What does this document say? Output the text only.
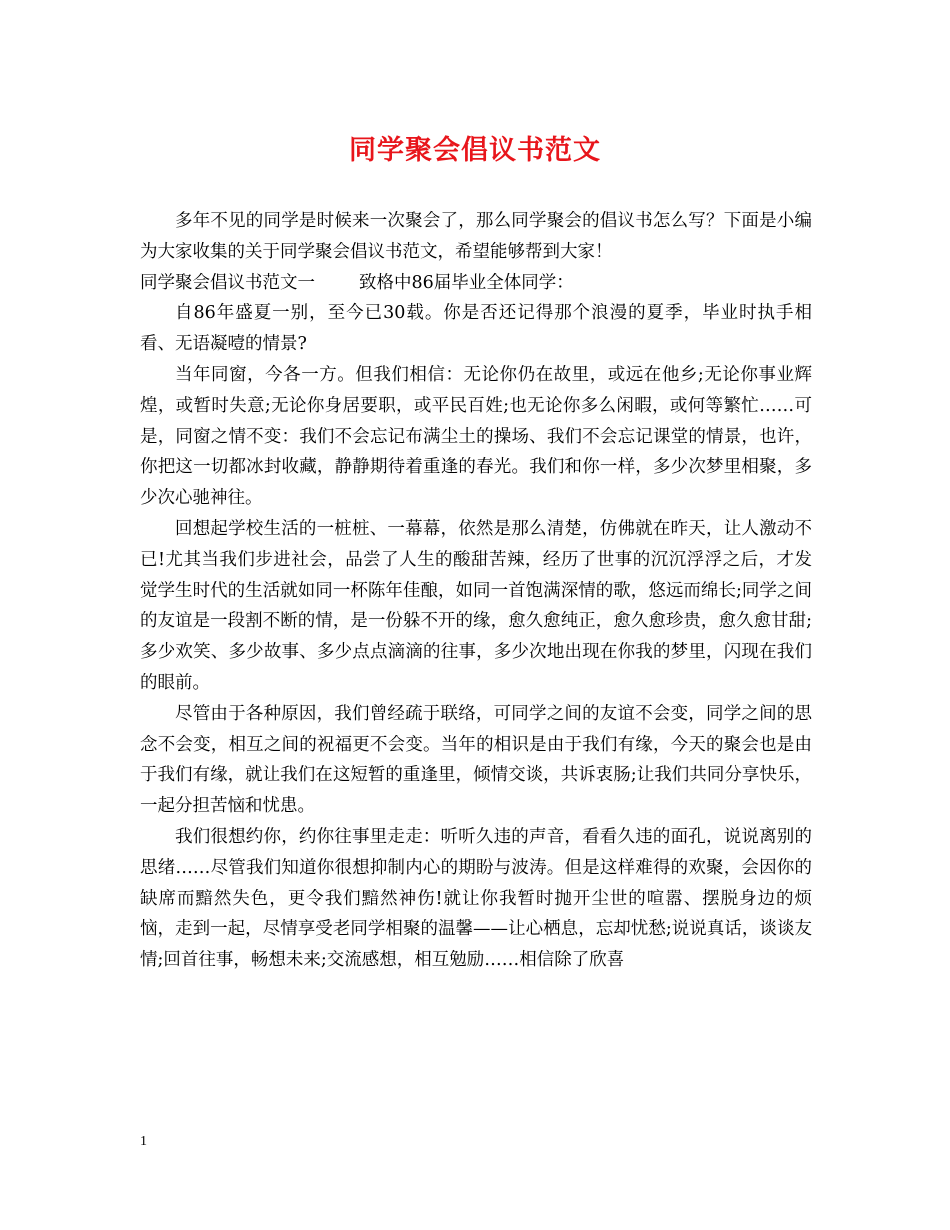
同学聚会倡议书范文

多年不见的同学是时候来一次聚会了，那么同学聚会的倡议书怎么写？下面是小编为大家收集的关于同学聚会倡议书范文，希望能够帮到大家！

同学聚会倡议书范文一	致格中86届毕业全体同学：

自86年盛夏一别，至今已30载。你是否还记得那个浪漫的夏季，毕业时执手相看、无语凝噎的情景?

当年同窗，今各一方。但我们相信：无论你仍在故里，或远在他乡;无论你事业辉煌，或暂时失意;无论你身居要职，或平民百姓;也无论你多么闲暇，或何等繁忙……可是，同窗之情不变：我们不会忘记布满尘土的操场、我们不会忘记课堂的情景，也许，你把这一切都冰封收藏，静静期待着重逢的春光。我们和你一样，多少次梦里相聚，多少次心驰神往。

回想起学校生活的一桩桩、一幕幕，依然是那么清楚，仿佛就在昨天，让人激动不已!尤其当我们步进社会，品尝了人生的酸甜苦辣，经历了世事的沉沉浮浮之后，才发觉学生时代的生活就如同一杯陈年佳酿，如同一首饱满深情的歌，悠远而绵长;同学之间的友谊是一段割不断的情，是一份躲不开的缘，愈久愈纯正，愈久愈珍贵，愈久愈甘甜;多少欢笑、多少故事、多少点点滴滴的往事，多少次地出现在你我的梦里，闪现在我们的眼前。

尽管由于各种原因，我们曾经疏于联络，可同学之间的友谊不会变，同学之间的思念不会变，相互之间的祝福更不会变。当年的相识是由于我们有缘，今天的聚会也是由于我们有缘，就让我们在这短暂的重逢里，倾情交谈，共诉衷肠;让我们共同分享快乐，一起分担苦恼和忧患。

我们很想约你，约你往事里走走：听听久违的声音，看看久违的面孔，说说离别的思绪……尽管我们知道你很想抑制内心的期盼与波涛。但是这样难得的欢聚，会因你的缺席而黯然失色，更令我们黯然神伤!就让你我暂时抛开尘世的喧嚣、摆脱身边的烦恼，走到一起，尽情享受老同学相聚的温馨——让心栖息，忘却忧愁;说说真话，谈谈友情;回首往事，畅想未来;交流感想，相互勉励……相信除了欣喜

1
